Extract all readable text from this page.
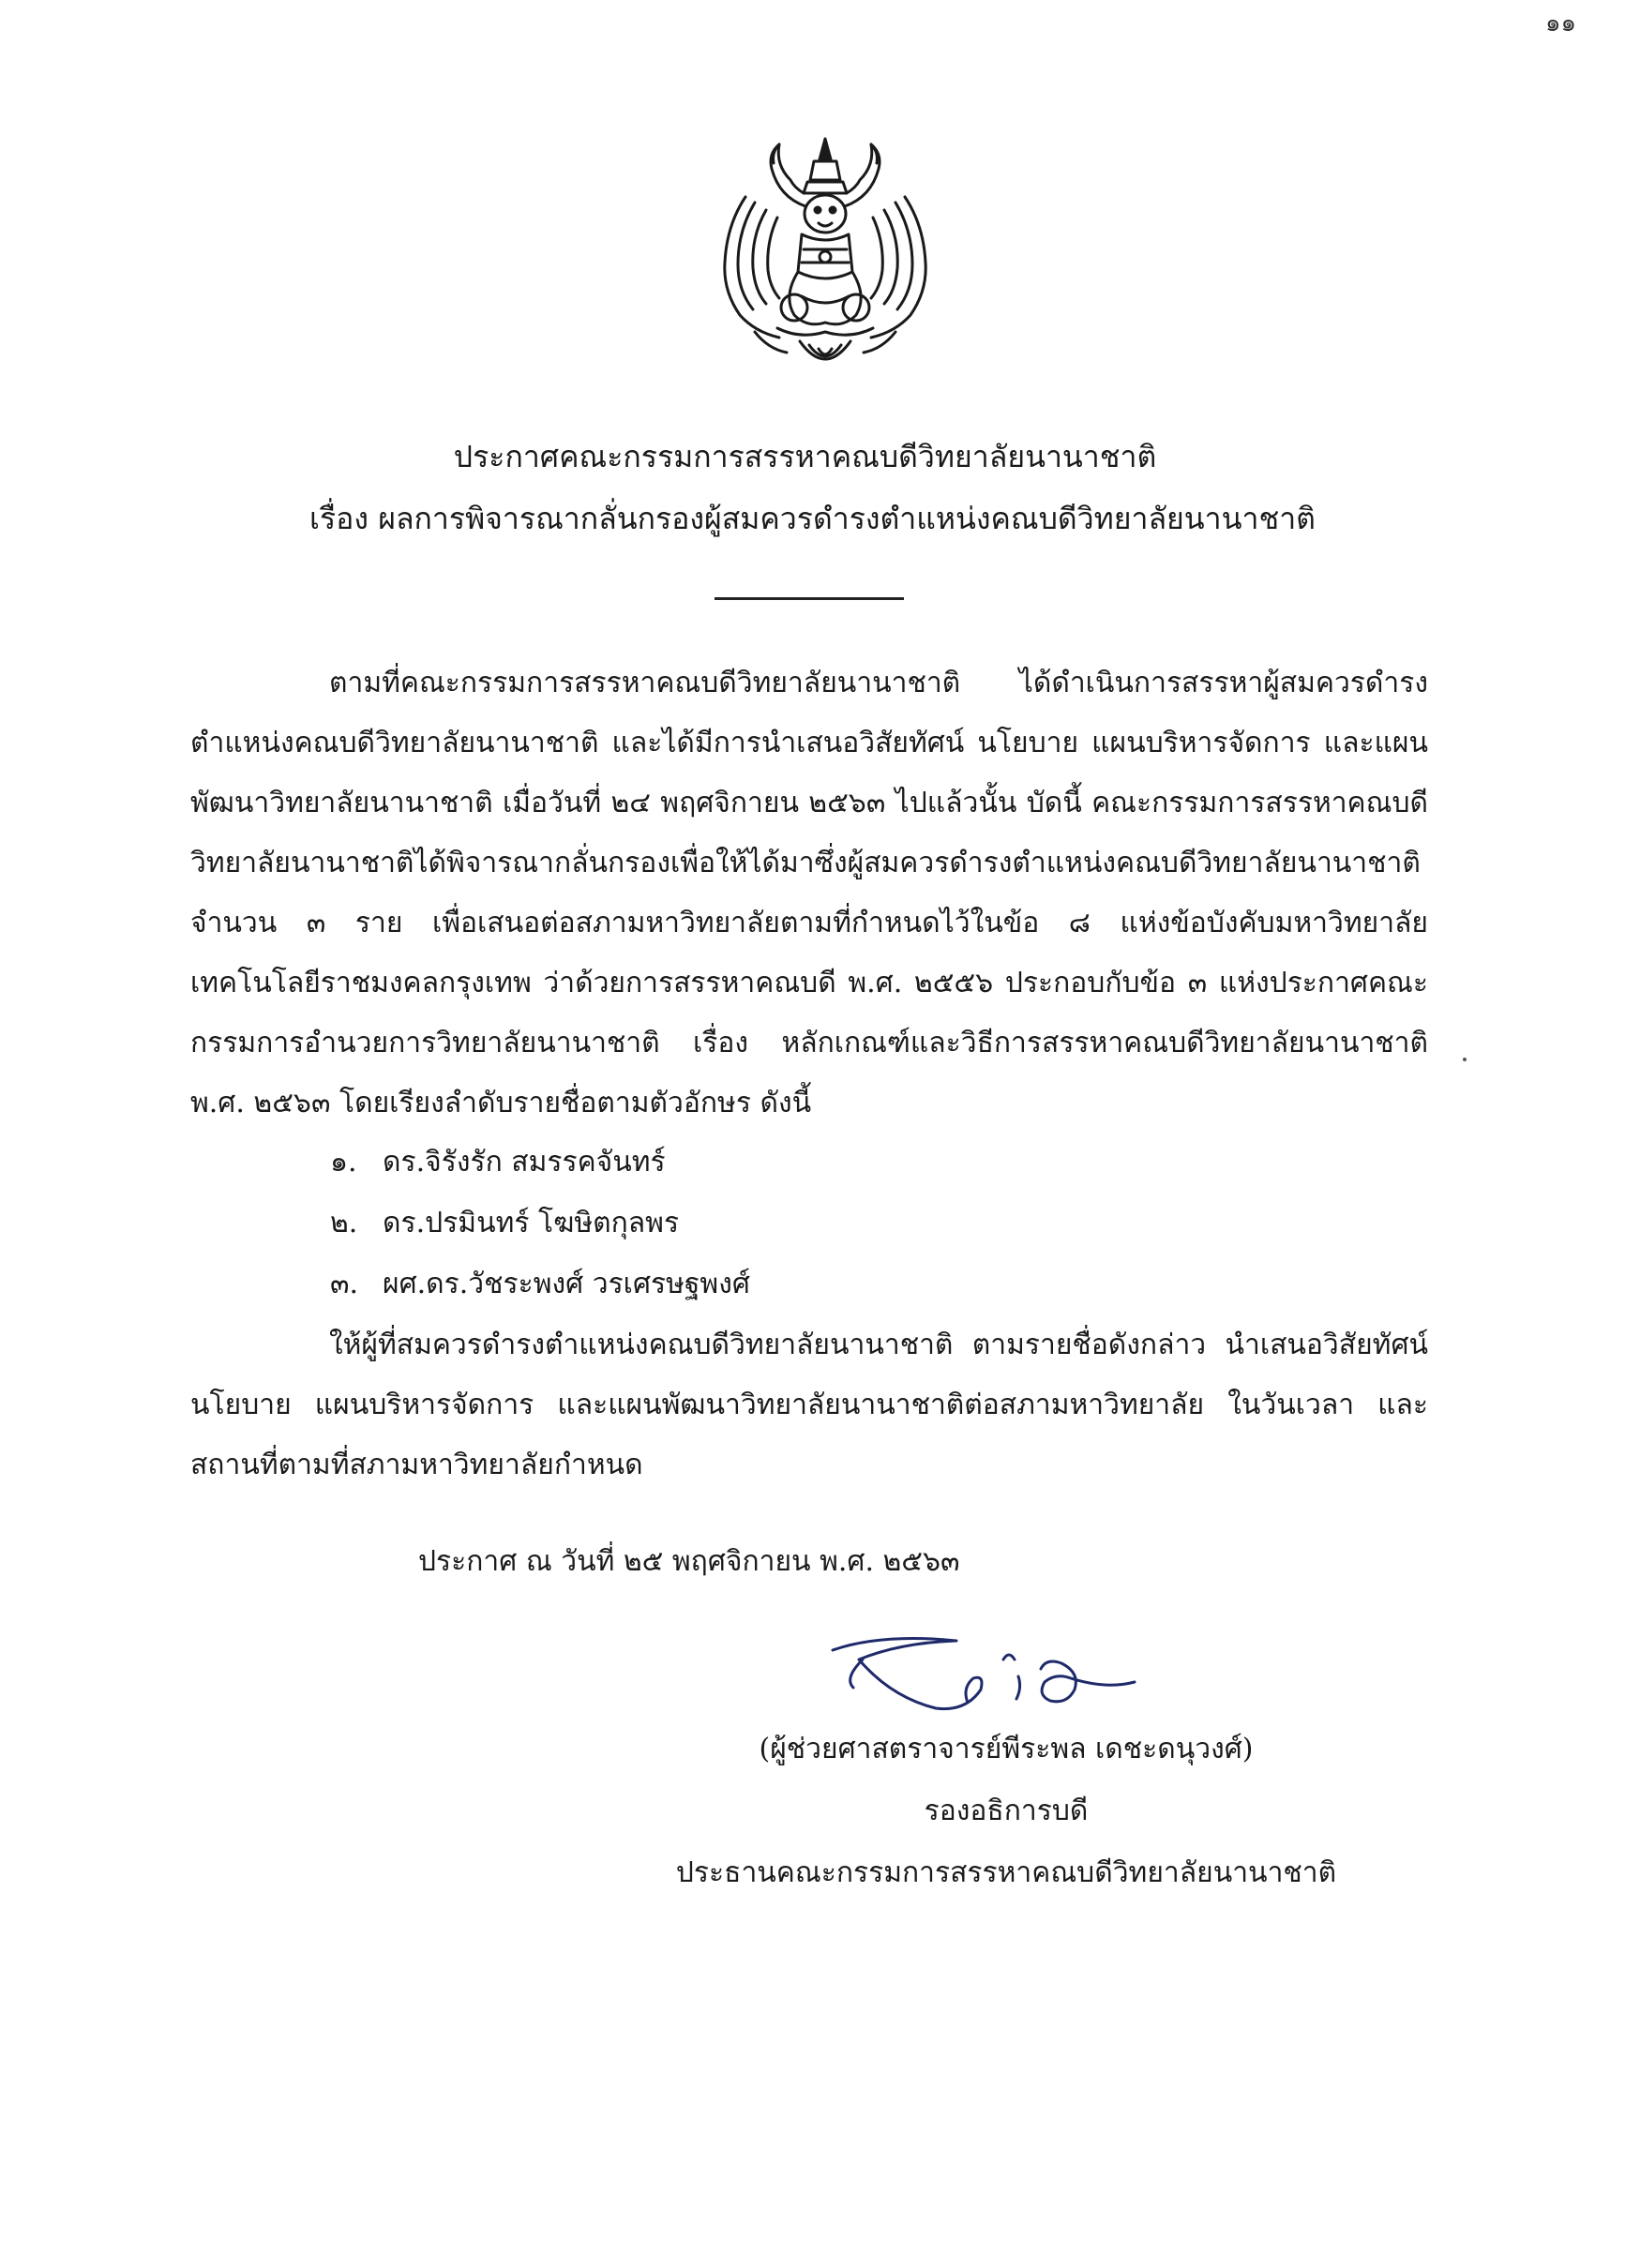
๑๑
ประกาศคณะกรรมการสรรหาคณบดีวิทยาลัยนานาชาติ
เรื่อง ผลการพิจารณากลั่นกรองผู้สมควรดำรงตำแหน่งคณบดีวิทยาลัยนานาชาติ
ตามที่คณะกรรมการสรรหาคณบดีวิทยาลัยนานาชาติ ได้ดำเนินการสรรหาผู้สมควรดำรงตำแหน่งคณบดีวิทยาลัยนานาชาติ และได้มีการนำเสนอวิสัยทัศน์ นโยบาย แผนบริหารจัดการ และแผนพัฒนาวิทยาลัยนานาชาติ เมื่อวันที่ ๒๔ พฤศจิกายน ๒๕๖๓ ไปแล้วนั้น บัดนี้ คณะกรรมการสรรหาคณบดีวิทยาลัยนานาชาติได้พิจารณากลั่นกรองเพื่อให้ได้มาซึ่งผู้สมควรดำรงตำแหน่งคณบดีวิทยาลัยนานาชาติ จำนวน ๓ ราย เพื่อเสนอต่อสภามหาวิทยาลัยตามที่กำหนดไว้ในข้อ ๘ แห่งข้อบังคับมหาวิทยาลัยเทคโนโลยีราชมงคลกรุงเทพ ว่าด้วยการสรรหาคณบดี พ.ศ. ๒๕๕๖ ประกอบกับข้อ ๓ แห่งประกาศคณะกรรมการอำนวยการวิทยาลัยนานาชาติ เรื่อง หลักเกณฑ์และวิธีการสรรหาคณบดีวิทยาลัยนานาชาติ พ.ศ. ๒๕๖๓ โดยเรียงลำดับรายชื่อตามตัวอักษร ดังนี้
๑. ดร.จิรังรัก สมรรคจันทร์
๒. ดร.ปรมินทร์ โฆษิตกุลพร
๓. ผศ.ดร.วัชระพงศ์ วรเศรษฐพงศ์
ให้ผู้ที่สมควรดำรงตำแหน่งคณบดีวิทยาลัยนานาชาติ ตามรายชื่อดังกล่าว นำเสนอวิสัยทัศน์ นโยบาย แผนบริหารจัดการ และแผนพัฒนาวิทยาลัยนานาชาติต่อสภามหาวิทยาลัย ในวันเวลา และสถานที่ตามที่สภามหาวิทยาลัยกำหนด
ประกาศ ณ วันที่ ๒๕ พฤศจิกายน พ.ศ. ๒๕๖๓
(ผู้ช่วยศาสตราจารย์พีระพล เดชะดนุวงศ์)
รองอธิการบดี
ประธานคณะกรรมการสรรหาคณบดีวิทยาลัยนานาชาติ
